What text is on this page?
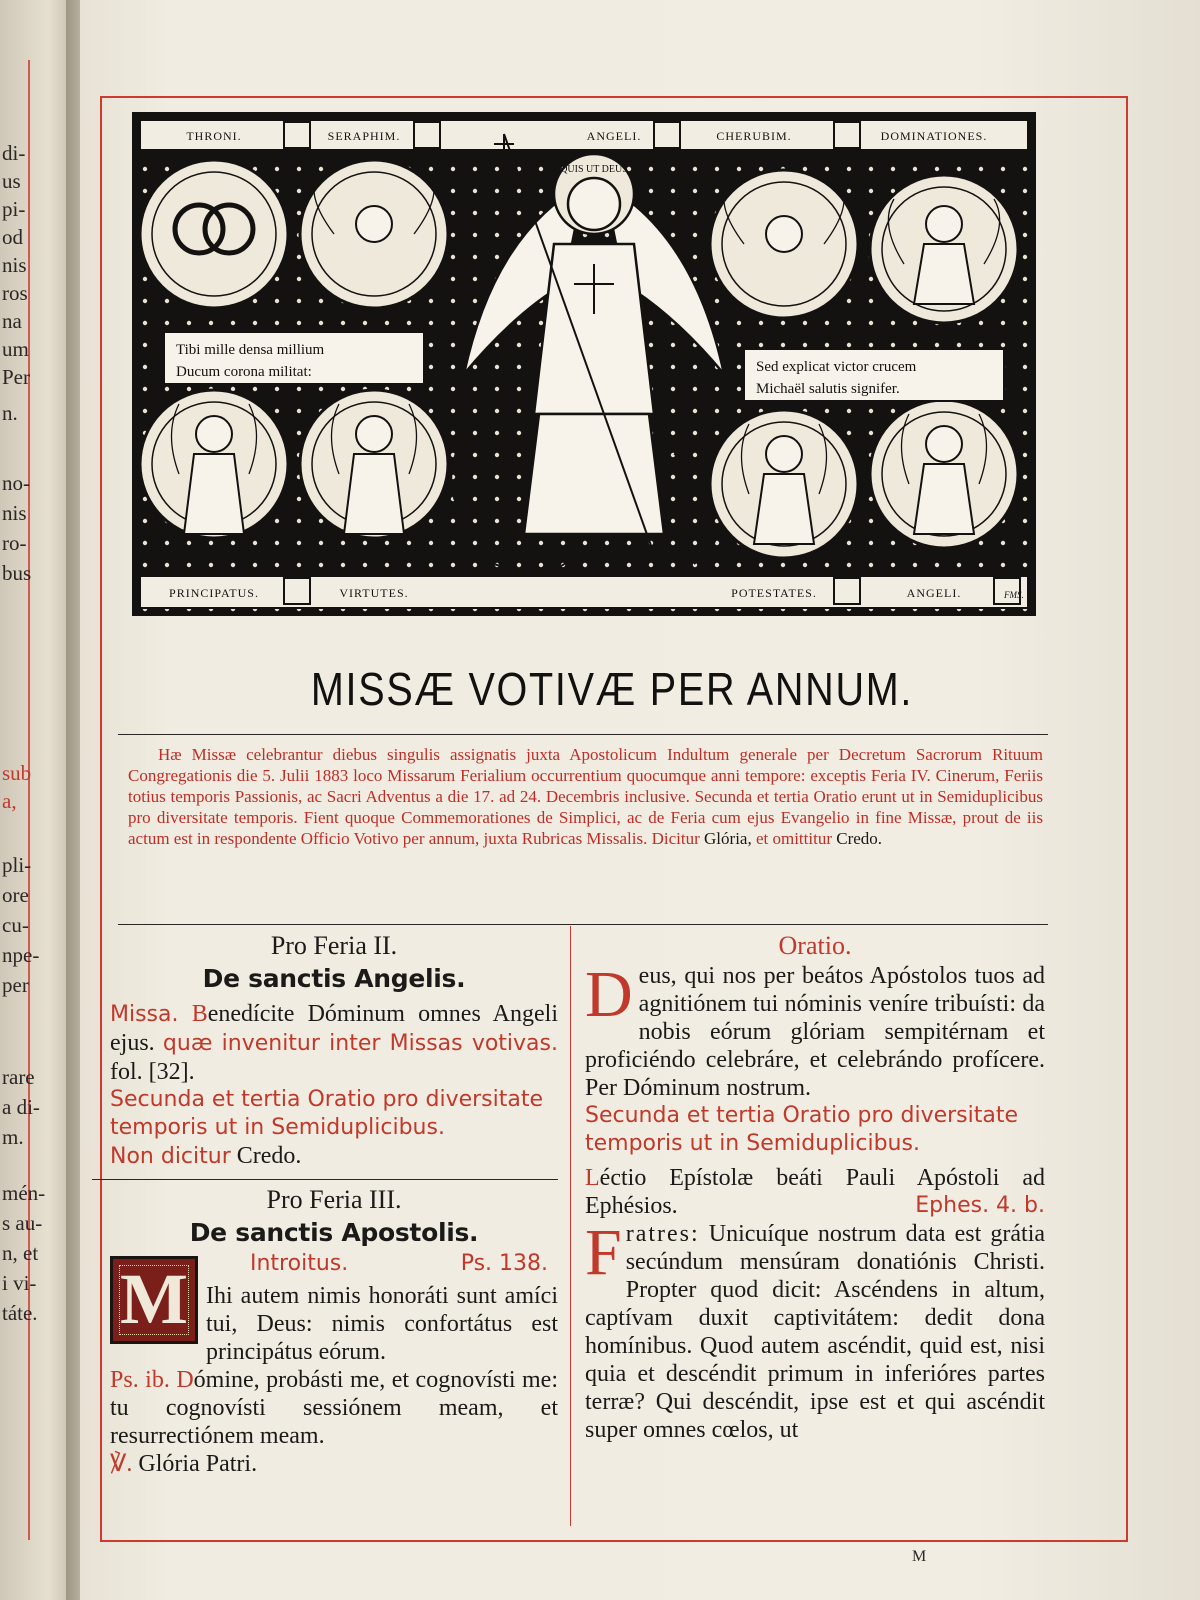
di-
us
pi-
od
nis
ros
na
um
Per
n.
no-
nis
ro-
bus
sub
a,
pli-
ore
cu-
npe-
per
rare
a di-
m.
mén-
s au-
n, et
i vi-
táte.
THRONI.	SERAPHIM.	ANGELI.	CHERUBIM.	DOMINATIONES.
PRINCIPATUS.	VIRTUTES.	POTESTATES.	ANGELI.
QUIS UT DEUS
FMS.
Tibi mille densa millium
Ducum corona militat:	Sed explicat victor crucem
Michaël salutis signifer.
MISSÆ VOTIVÆ PER ANNUM.
Hæ Missæ celebrantur diebus singulis assignatis juxta Apostolicum Indultum generale per Decretum Sacrorum Rituum Congregationis die 5. Julii 1883 loco Missarum Ferialium occurrentium quocumque anni tempore: exceptis Feria IV. Cinerum, Feriis totius temporis Passionis, ac Sacri Adventus a die 17. ad 24. Decembris inclusive. Secunda et tertia Oratio erunt ut in Semiduplicibus pro diversitate temporis. Fient quoque Commemorationes de Simplici, ac de Feria cum ejus Evangelio in fine Missæ, prout de iis actum est in respondente Officio Votivo per annum, juxta Rubricas Missalis. Dicitur Glória, et omittitur Credo.

Pro Feria II.

De sanctis Angelis.

Missa. Benedícite Dóminum omnes Angeli ejus. quæ invenitur inter Missas votivas. fol. [32].

Secunda et tertia Oratio pro diversitate temporis ut in Semiduplicibus.

Non dicitur Credo.

Pro Feria III.

De sanctis Apostolis.

Introitus.	Ps. 138.
M Ihi autem nimis honoráti sunt amíci tui, Deus: nimis confortátus est principátus eórum.

Ps. ib. Dómine, probásti me, et cognovísti me: tu cognovísti sessiónem meam, et resurrectiónem meam.

℣. Glória Patri.

Oratio.

D eus, qui nos per beátos Apóstolos tuos ad agnitiónem tui nóminis veníre tribuísti: da nobis eórum glóriam sempitérnam et proficiéndo celebráre, et celebrándo profícere. Per Dóminum nostrum.

Secunda et tertia Oratio pro diversitate temporis ut in Semiduplicibus.

Léctio Epístolæ beáti Pauli Apóstoli ad Ephésios.	Ephes. 4. b.

F ratres: Unicuíque nostrum data est grátia secúndum mensúram donatiónis Christi. Propter quod dicit: Ascéndens in altum, captívam duxit captivitátem: dedit dona homínibus. Quod autem ascéndit, quid est, nisi quia et descéndit primum in inferióres partes terræ? Qui descéndit, ipse est et qui ascéndit super omnes cœlos, ut

M
